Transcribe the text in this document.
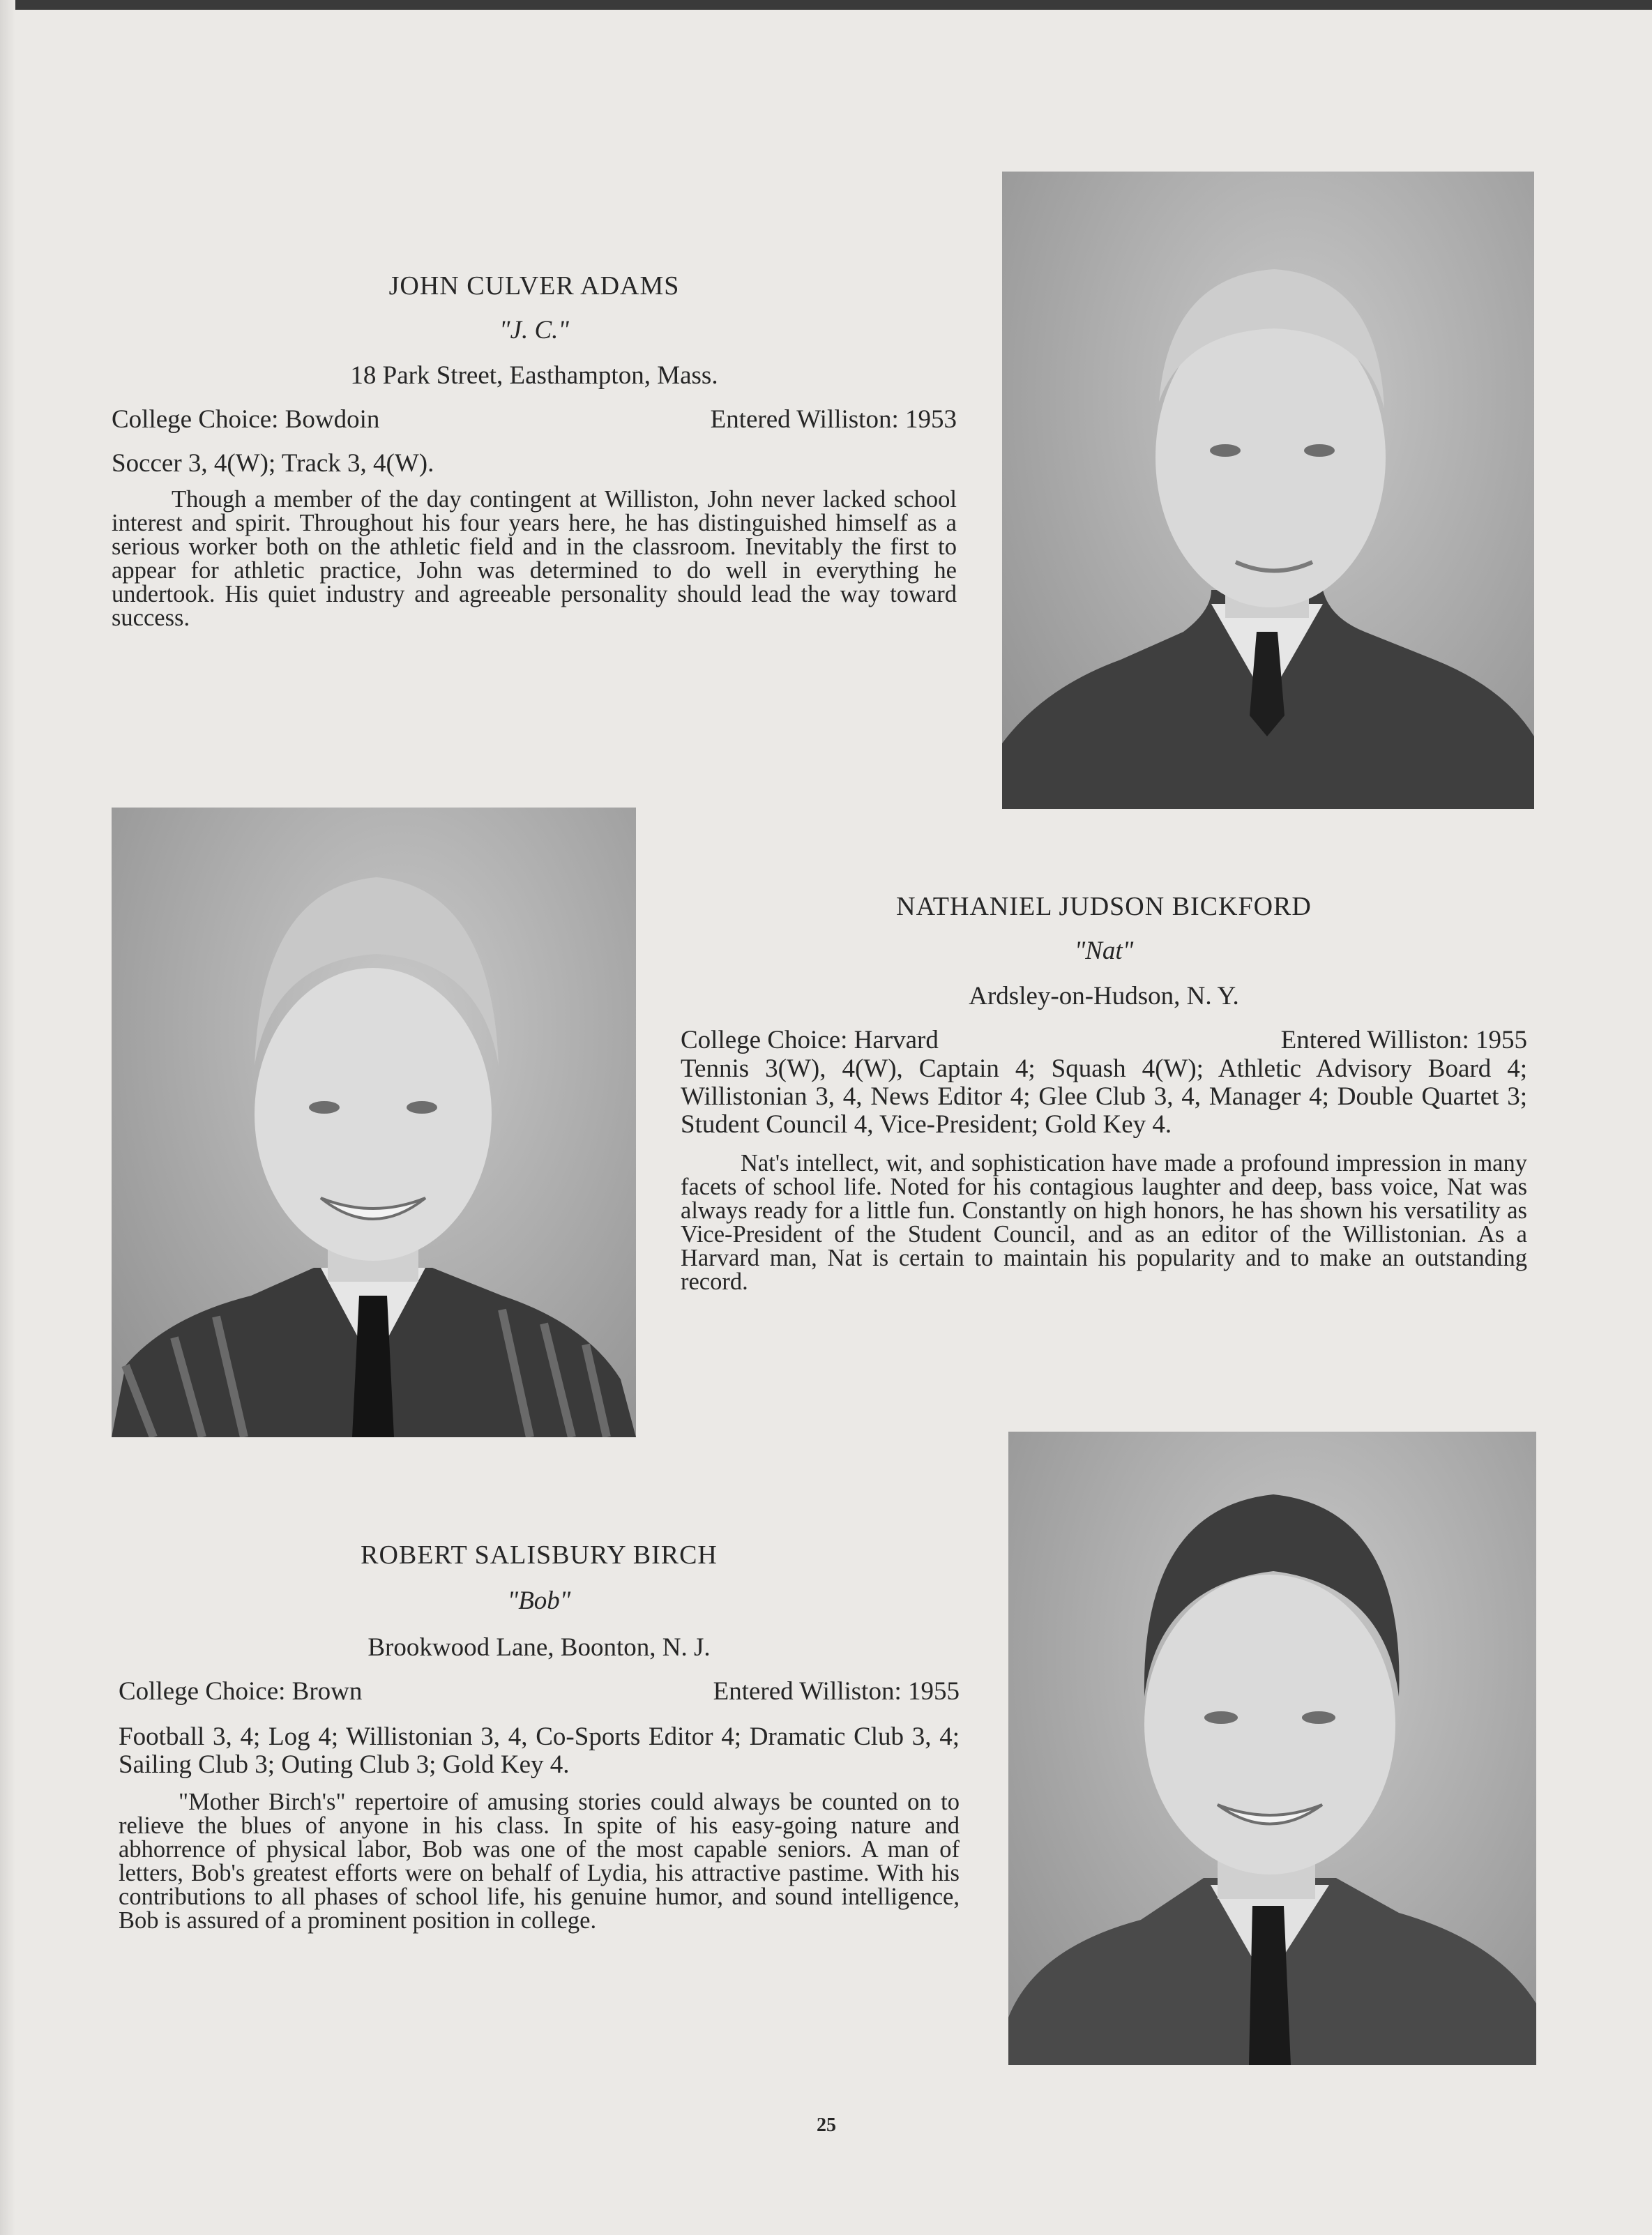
JOHN CULVER ADAMS

"J. C."

18 Park Street, Easthampton, Mass.

College Choice: Bowdoin	Entered Williston: 1953

Soccer 3, 4(W); Track 3, 4(W).

Though a member of the day contingent at Williston, John never lacked school interest and spirit. Throughout his four years here, he has distinguished himself as a serious worker both on the athletic field and in the classroom. Inevitably the first to appear for athletic practice, John was determined to do well in everything he undertook. His quiet industry and agreeable personality should lead the way toward success.

NATHANIEL JUDSON BICKFORD

"Nat"

Ardsley-on-Hudson, N. Y.

College Choice: Harvard	Entered Williston: 1955

Tennis 3(W), 4(W), Captain 4; Squash 4(W); Athletic Advisory Board 4; Willistonian 3, 4, News Editor 4; Glee Club 3, 4, Manager 4; Double Quartet 3; Student Council 4, Vice-President; Gold Key 4.

Nat's intellect, wit, and sophistication have made a profound impression in many facets of school life. Noted for his contagious laughter and deep, bass voice, Nat was always ready for a little fun. Constantly on high honors, he has shown his versatility as Vice-President of the Student Council, and as an editor of the Willistonian. As a Harvard man, Nat is certain to maintain his popularity and to make an outstanding record.

ROBERT SALISBURY BIRCH

"Bob"

Brookwood Lane, Boonton, N. J.

College Choice: Brown	Entered Williston: 1955

Football 3, 4; Log 4; Willistonian 3, 4, Co-Sports Editor 4; Dramatic Club 3, 4; Sailing Club 3; Outing Club 3; Gold Key 4.

"Mother Birch's" repertoire of amusing stories could always be counted on to relieve the blues of anyone in his class. In spite of his easy-going nature and abhorrence of physical labor, Bob was one of the most capable seniors. A man of letters, Bob's greatest efforts were on behalf of Lydia, his attractive pastime. With his contributions to all phases of school life, his genuine humor, and sound intelligence, Bob is assured of a prominent position in college.

25
